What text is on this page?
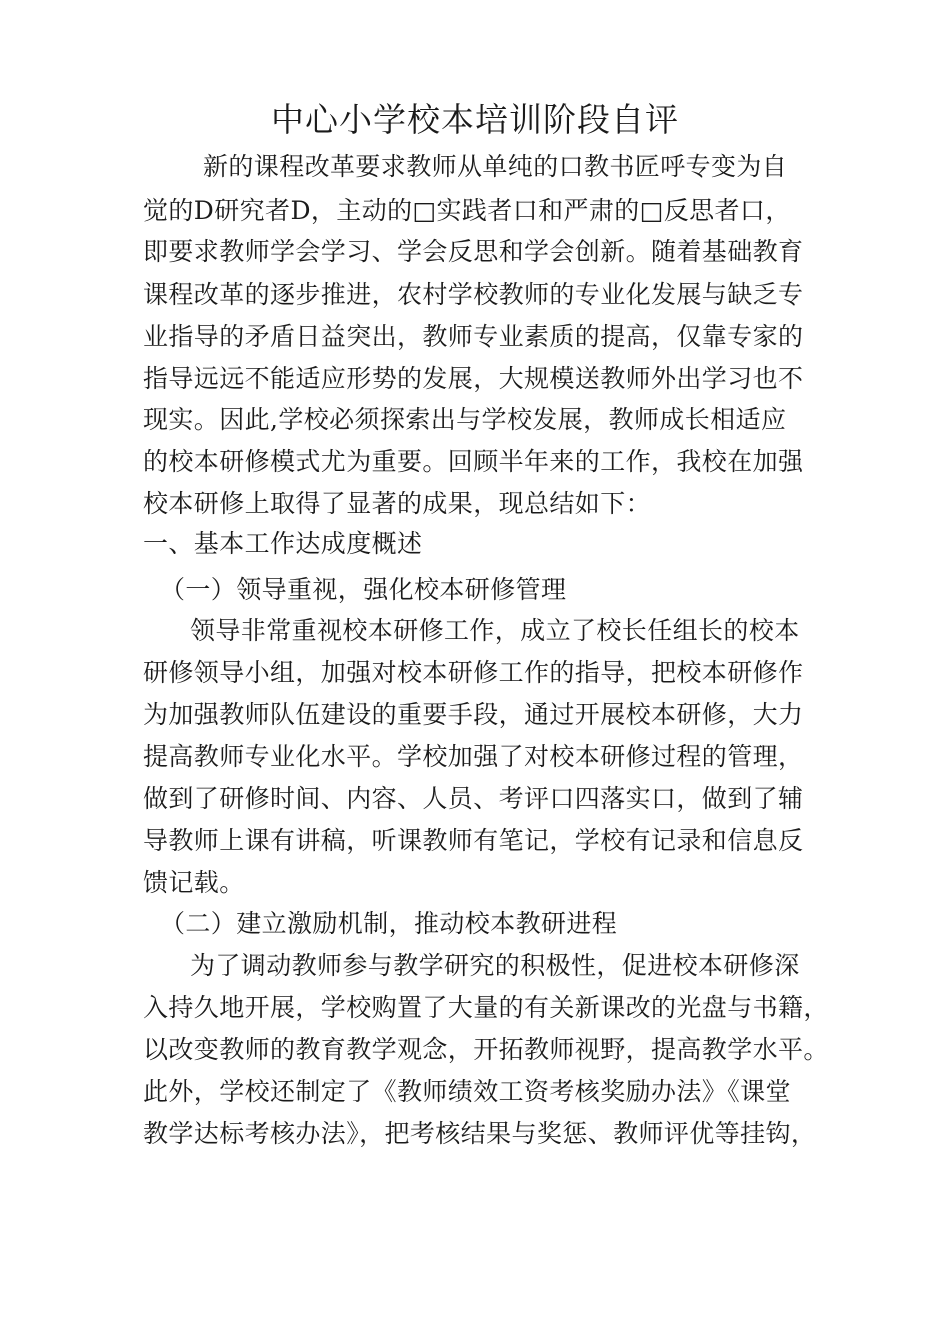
中心小学校本培训阶段自评
新的课程改革要求教师从单纯的口教书匠呼专变为自
觉的D研究者D，主动的□实践者口和严肃的□反思者口，
即要求教师学会学习、学会反思和学会创新。随着基础教育
课程改革的逐步推进，农村学校教师的专业化发展与缺乏专
业指导的矛盾日益突出，教师专业素质的提高，仅靠专家的
指导远远不能适应形势的发展，大规模送教师外出学习也不
现实。因此,学校必须探索出与学校发展，教师成长相适应
的校本研修模式尤为重要。回顾半年来的工作，我校在加强
校本研修上取得了显著的成果，现总结如下：
一、基本工作达成度概述
（一）领导重视，强化校本研修管理
领导非常重视校本研修工作，成立了校长任组长的校本
研修领导小组，加强对校本研修工作的指导，把校本研修作
为加强教师队伍建设的重要手段，通过开展校本研修，大力
提高教师专业化水平。学校加强了对校本研修过程的管理，
做到了研修时间、内容、人员、考评口四落实口，做到了辅
导教师上课有讲稿，听课教师有笔记，学校有记录和信息反
馈记载。
（二）建立激励机制，推动校本教研进程
为了调动教师参与教学研究的积极性，促进校本研修深
入持久地开展，学校购置了大量的有关新课改的光盘与书籍，
以改变教师的教育教学观念，开拓教师视野，提高教学水平。
此外，学校还制定了《教师绩效工资考核奖励办法》《课堂
教学达标考核办法》，把考核结果与奖惩、教师评优等挂钩，
